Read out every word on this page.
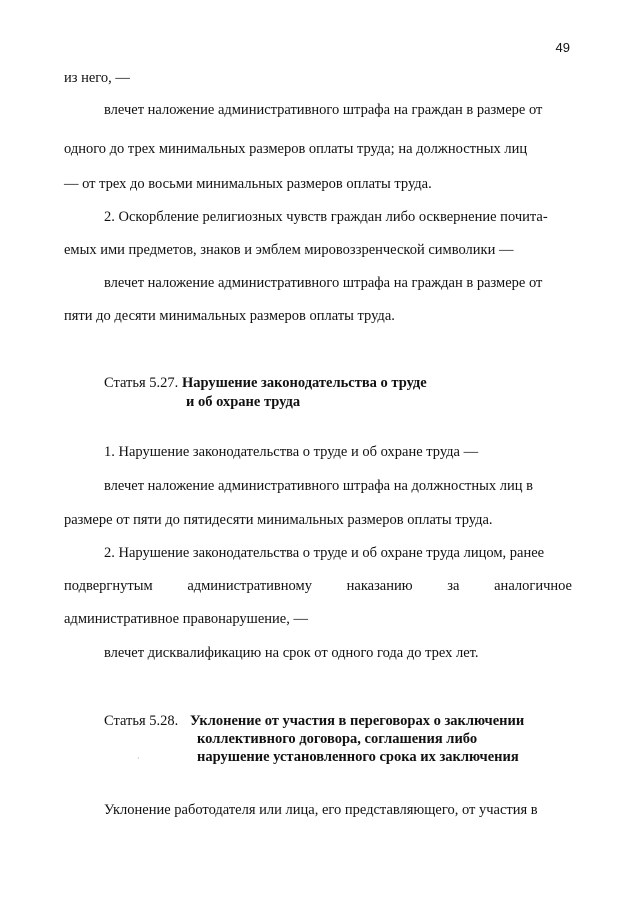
49
из него, —
влечет наложение административного штрафа на граждан в размере от
одного до трех минимальных размеров оплаты труда; на должностных лиц
— от трех до восьми минимальных размеров оплаты труда.
2. Оскорбление религиозных чувств граждан либо осквернение почита-
емых ими предметов, знаков и эмблем мировоззренческой символики —
влечет наложение административного штрафа на граждан в размере от
пяти до десяти минимальных размеров оплаты труда.
Статья 5.27. Нарушение законодательства о труде
и об охране труда
1. Нарушение законодательства о труде и об охране труда —
влечет наложение административного штрафа на должностных лиц в
размере от пяти до пятидесяти минимальных размеров оплаты труда.
2. Нарушение законодательства о труде и об охране труда лицом, ранее
подвергнутым административному наказанию за аналогичное
административное правонарушение, —
влечет дисквалификацию на срок от одного года до трех лет.
Статья 5.28. Уклонение от участия в переговорах о заключении
коллективного договора, соглашения либо
нарушение установленного срока их заключения
·
Уклонение работодателя или лица, его представляющего, от участия в
